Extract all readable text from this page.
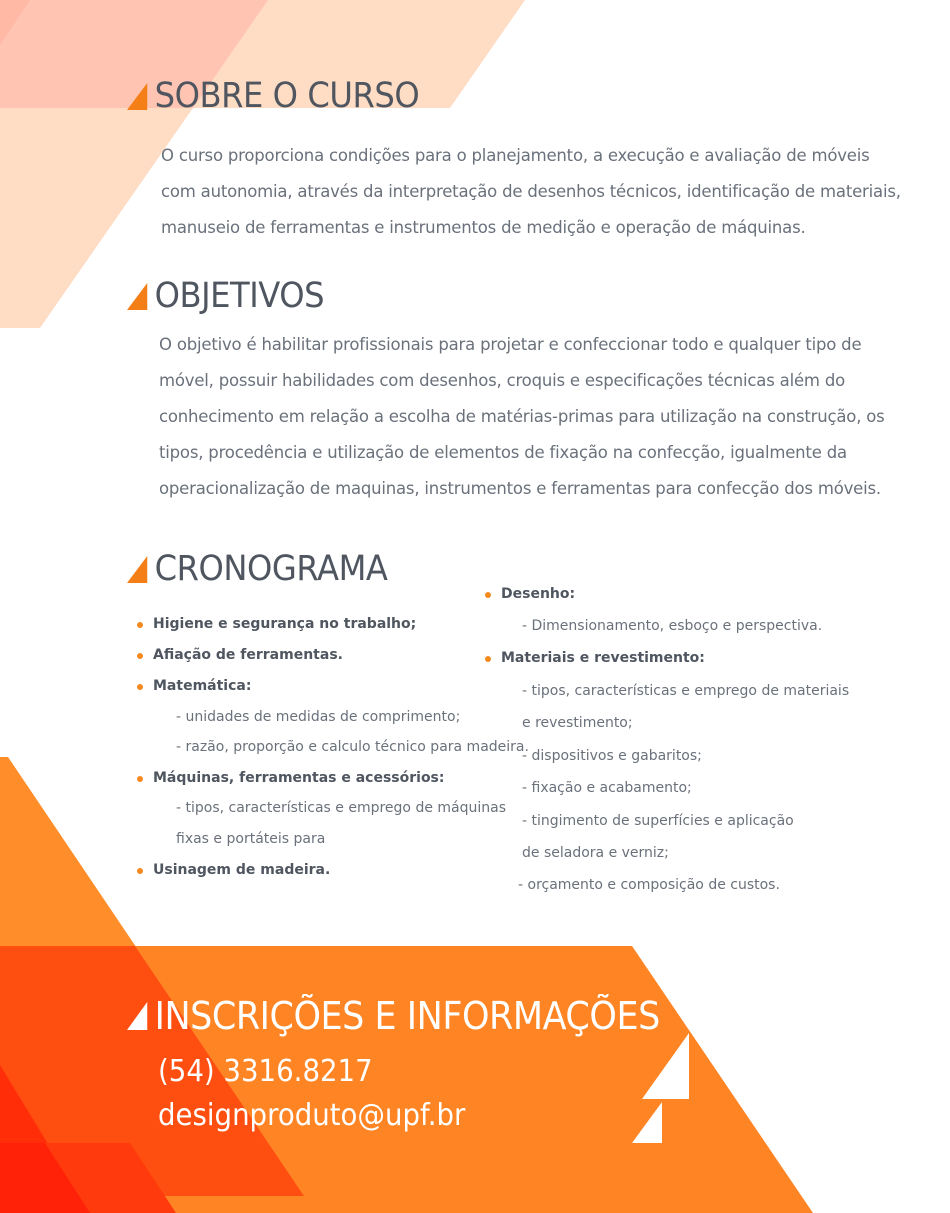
SOBRE O CURSO
O curso proporciona condições para o planejamento, a execução e avaliação de móveis
com autonomia, através da interpretação de desenhos técnicos, identificação de materiais,
manuseio de ferramentas e instrumentos de medição e operação de máquinas.
OBJETIVOS
O objetivo é habilitar profissionais para projetar e confeccionar todo e qualquer tipo de
móvel, possuir habilidades com desenhos, croquis e especificações técnicas além do
conhecimento em relação a escolha de matérias-primas para utilização na construção, os
tipos, procedência e utilização de elementos de fixação na confecção, igualmente da
operacionalização de maquinas, instrumentos e ferramentas para confecção dos móveis.
CRONOGRAMA
Higiene e segurança no trabalho;
Afiação de ferramentas.
Matemática:
- unidades de medidas de comprimento;
- razão, proporção e calculo técnico para madeira.
Máquinas, ferramentas e acessórios:
- tipos, características e emprego de máquinas
fixas e portáteis para
Usinagem de madeira.
Desenho:
- Dimensionamento, esboço e perspectiva.
Materiais e revestimento:
- tipos, características e emprego de materiais
e revestimento;
- dispositivos e gabaritos;
- fixação e acabamento;
- tingimento de superfícies e aplicação
de seladora e verniz;
- orçamento e composição de custos.
INSCRIÇÕES E INFORMAÇÕES
(54) 3316.8217
designproduto@upf.br
